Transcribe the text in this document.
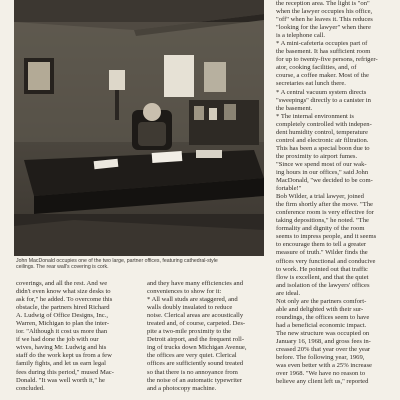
John MacDonald occupies one of the two large, partner offices, featuring cathedral-style
ceilings. The rear wall's covering is cork.
the reception area. The light is "on"
when the lawyer occupies his office,
"off" when he leaves it. This reduces
"looking for the lawyer" when there
is a telephone call.
* A mini-cafeteria occupies part of
the basement. It has sufficient room
for up to twenty-five persons, refriger-
ator, cooking facilities, and, of
course, a coffee maker. Most of the
secretaries eat lunch there.
* A central vacuum system directs
"sweepings" directly to a canister in
the basement.
* The internal environment is
completely controlled with indepen-
dent humidity control, temperature
control and electronic air filtration.
This has been a special boon due to
the proximity to airport fumes.
"Since we spend most of our wak-
ing hours in our offices," said John
MacDonald, "we decided to be com-
fortable!"
Bob Wilder, a trial lawyer, joined
the firm shortly after the move. "The
conference room is very effective for
taking depositions," he noted. "The
formality and dignity of the room
seems to impress people, and it seems
to encourage them to tell a greater
measure of truth." Wilder finds the
offices very functional and conducive
to work. He pointed out that traffic
flow is excellent, and that the quiet
and isolation of the lawyers' offices
are ideal.
Not only are the partners comfort-
able and delighted with their sur-
roundings, the offices seem to have
had a beneficial economic impact.
The new structure was occupied on
January 16, 1968, and gross fees in-
creased 20% that year over the year
before. The following year, 1969,
was even better with a 25% increase
over 1968. "We have no reason to
believe any client left us," reported
coverings, and all the rest. And we
didn't even know what size desks to
ask for," he added. To overcome this
obstacle, the partners hired Richard
A. Ludwig of Office Designs, Inc.,
Warren, Michigan to plan the inter-
ior. "Although it cost us more than
if we had done the job with our
wives, having Mr. Ludwig and his
staff do the work kept us from a few
family fights, and let us earn legal
fees during this period," mused Mac-
Donald. "It was well worth it," he
concluded.
and they have many efficiencies and
conveniences to show for it:
* All wall studs are staggered, and
walls doubly insulated to reduce
noise. Clerical areas are acoustically
treated and, of course, carpeted. Des-
pite a two-mile proximity to the
Detroit airport, and the frequent roll-
ing of trucks down Michigan Avenue,
the offices are very quiet. Clerical
offices are sufficiently sound treated
so that there is no annoyance from
the noise of an automatic typewriter
and a photocopy machine.
